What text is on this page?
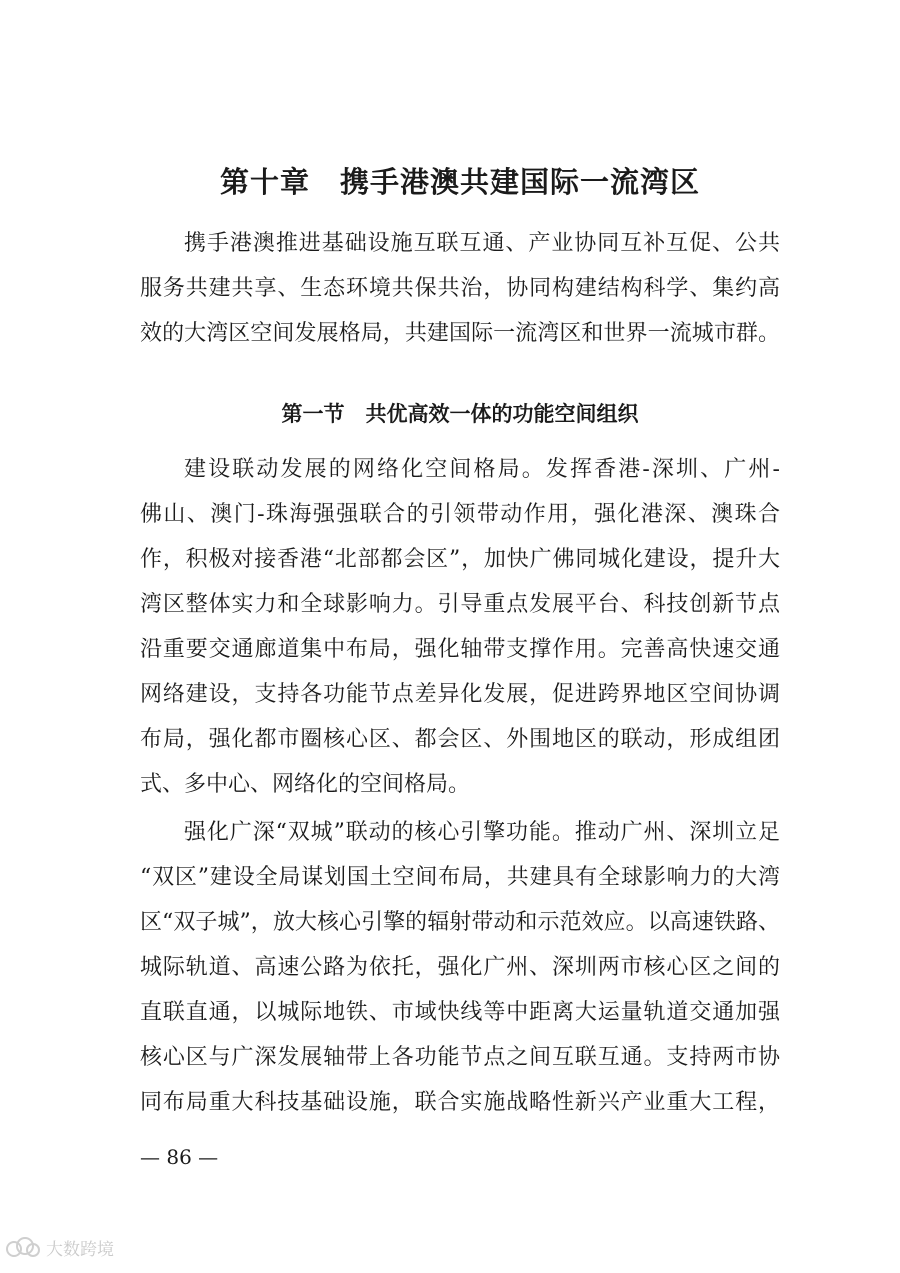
第十章　携手港澳共建国际一流湾区

携手港澳推进基础设施互联互通、产业协同互补互促、公共
服务共建共享、生态环境共保共治，协同构建结构科学、集约高
效的大湾区空间发展格局，共建国际一流湾区和世界一流城市群。

第一节　共优高效一体的功能空间组织

建设联动发展的网络化空间格局。发挥香港-深圳、广州-
佛山、澳门-珠海强强联合的引领带动作用，强化港深、澳珠合
作，积极对接香港“北部都会区”，加快广佛同城化建设，提升大
湾区整体实力和全球影响力。引导重点发展平台、科技创新节点
沿重要交通廊道集中布局，强化轴带支撑作用。完善高快速交通
网络建设，支持各功能节点差异化发展，促进跨界地区空间协调
布局，强化都市圈核心区、都会区、外围地区的联动，形成组团
式、多中心、网络化的空间格局。

强化广深“双城”联动的核心引擎功能。推动广州、深圳立足
“双区”建设全局谋划国土空间布局，共建具有全球影响力的大湾
区“双子城”，放大核心引擎的辐射带动和示范效应。以高速铁路、
城际轨道、高速公路为依托，强化广州、深圳两市核心区之间的
直联直通，以城际地铁、市域快线等中距离大运量轨道交通加强
核心区与广深发展轴带上各功能节点之间互联互通。支持两市协
同布局重大科技基础设施，联合实施战略性新兴产业重大工程，

— 86 —
大数跨境
